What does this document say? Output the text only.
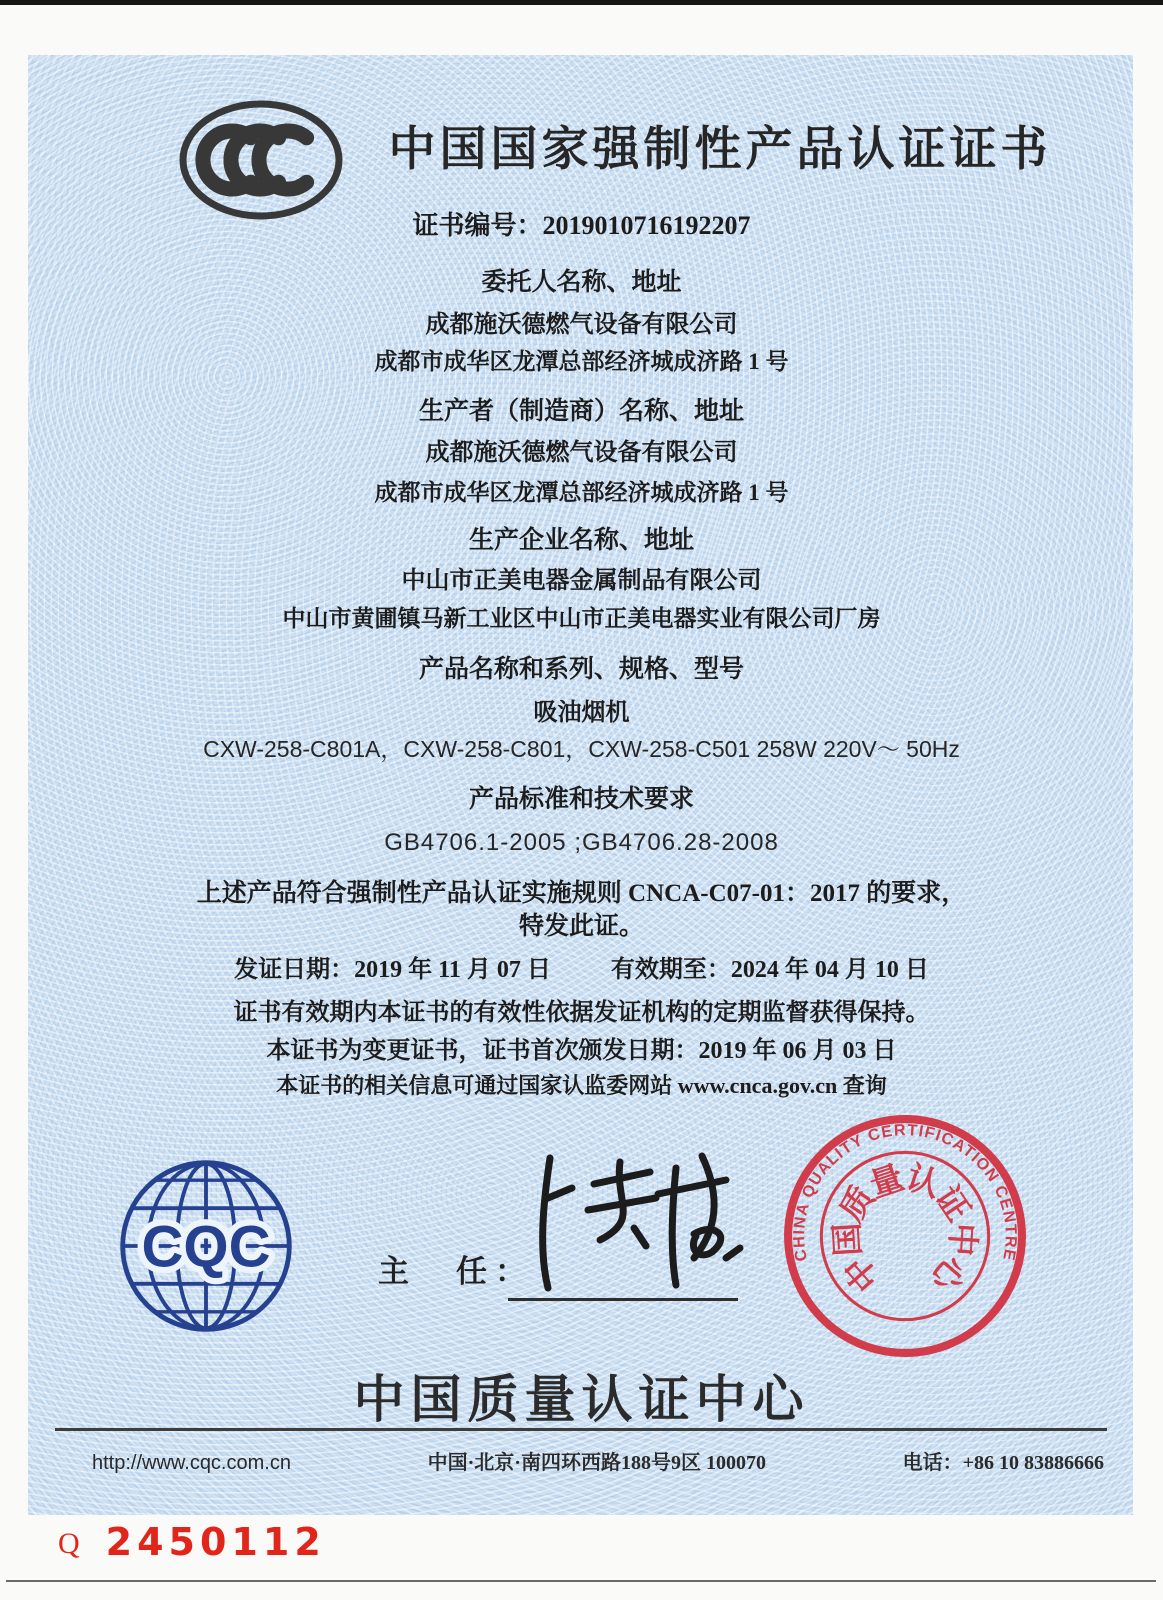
中国国家强制性产品认证证书
证书编号：2019010716192207
委托人名称、地址
成都施沃德燃气设备有限公司
成都市成华区龙潭总部经济城成济路 1 号
生产者（制造商）名称、地址
成都施沃德燃气设备有限公司
成都市成华区龙潭总部经济城成济路 1 号
生产企业名称、地址
中山市正美电器金属制品有限公司
中山市黄圃镇马新工业区中山市正美电器实业有限公司厂房
产品名称和系列、规格、型号
吸油烟机
CXW-258-C801A，CXW-258-C801，CXW-258-C501 258W 220V～ 50Hz
产品标准和技术要求
GB4706.1-2005 ;GB4706.28-2008
上述产品符合强制性产品认证实施规则 CNCA-C07-01：2017 的要求，
特发此证。
发证日期：2019 年 11 月 07 日	有效期至：2024 年 04 月 10 日
证书有效期内本证书的有效性依据发证机构的定期监督获得保持。
本证书为变更证书，证书首次颁发日期：2019 年 06 月 03 日
本证书的相关信息可通过国家认监委网站 www.cnca.gov.cn 查询
CQC	主　任：	CHINA QUALITY CERTIFICATION CENTRE
中
国
质
量
认
证
中
心
中国质量认证中心
http://www.cqc.com.cn	中国·北京·南四环西路188号9区 100070	电话：+86 10 83886666
Q 2450112
